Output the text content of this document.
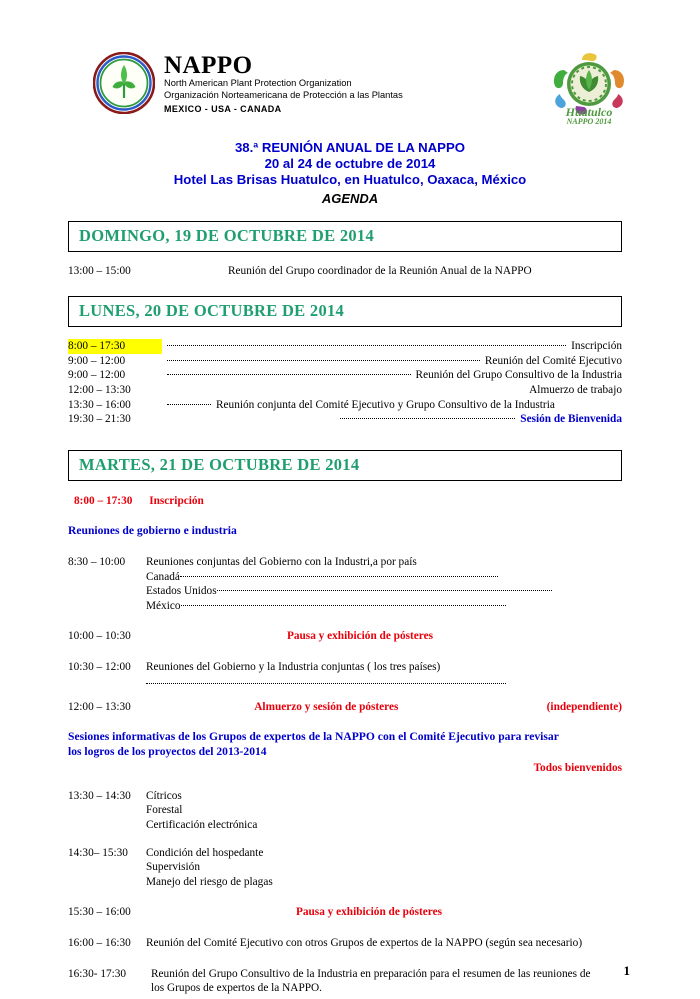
NAPPO
North American Plant Protection Organization
Organización Norteamericana de Protección a las Plantas
MEXICO - USA - CANADA	Huatulco
NAPPO 2014
38.ª REUNIÓN ANUAL DE LA NAPPO
20 al 24 de octubre de 2014
Hotel Las Brisas Huatulco, en Huatulco, Oaxaca, México
AGENDA
DOMINGO, 19 DE OCTUBRE DE 2014
13:00 – 15:00	Reunión del Grupo coordinador de la Reunión Anual de la NAPPO
LUNES, 20 DE OCTUBRE DE 2014
8:00 – 17:30	Inscripción
9:00 – 12:00	Reunión del Comité Ejecutivo
9:00 – 12:00	Reunión del Grupo Consultivo de la Industria
12:00 – 13:30	Almuerzo de trabajo
13:30 – 16:00	Reunión conjunta del Comité Ejecutivo y Grupo Consultivo de la Industria
19:30 – 21:30	Sesión de Bienvenida
MARTES, 21 DE OCTUBRE DE 2014
8:00 – 17:30 Inscripción
Reuniones de gobierno e industria
8:30 – 10:00	Reuniones conjuntas del Gobierno con la Industri,a por país
Canadá
Estados Unidos
México
10:00 – 10:30	Pausa y exhibición de pósteres
10:30 – 12:00	Reuniones del Gobierno y la Industria conjuntas ( los tres países)
12:00 – 13:30	Almuerzo y sesión de pósteres	(independiente)
Sesiones informativas de los Grupos de expertos de la NAPPO con el Comité Ejecutivo para revisar
los logros de los proyectos del 2013-2014
Todos bienvenidos
13:30 – 14:30	Cítricos
Forestal
Certificación electrónica
14:30– 15:30	Condición del hospedante
Supervisión
Manejo del riesgo de plagas
15:30 – 16:00	Pausa y exhibición de pósteres
16:00 – 16:30	Reunión del Comité Ejecutivo con otros Grupos de expertos de la NAPPO (según sea necesario)
16:30- 17:30	Reunión del Grupo Consultivo de la Industria en preparación para el resumen de las reuniones de
los Grupos de expertos de la NAPPO.
1
